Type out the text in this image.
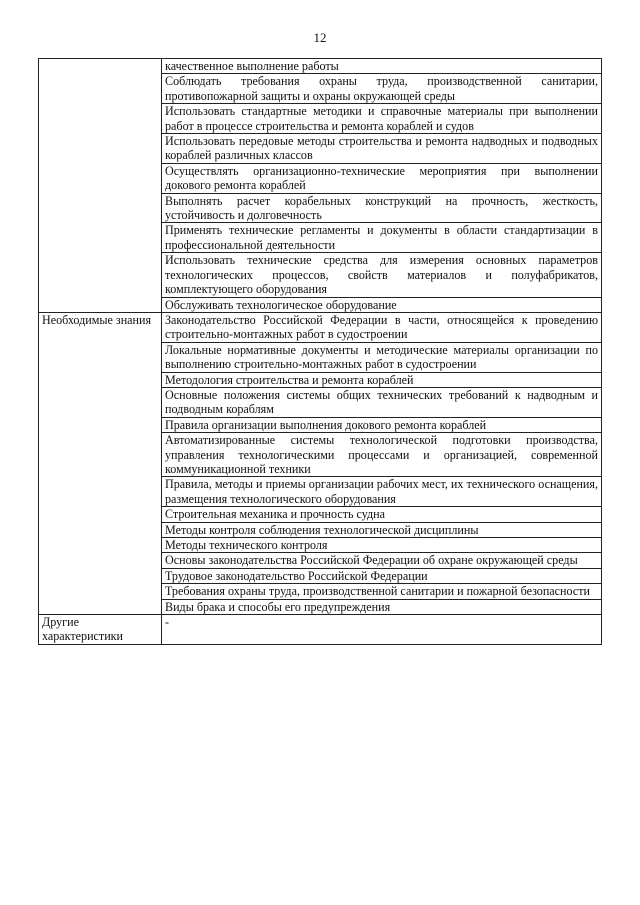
12
	качественное выполнение работы
	Соблюдать требования охраны труда, производственной санитарии, противопожарной защиты и охраны окружающей среды
	Использовать стандартные методики и справочные материалы при выполнении работ в процессе строительства и ремонта кораблей и судов
	Использовать передовые методы строительства и ремонта надводных и подводных кораблей различных классов
	Осуществлять организационно-технические мероприятия при выполнении докового ремонта кораблей
	Выполнять расчет корабельных конструкций на прочность, жесткость, устойчивость и долговечность
	Применять технические регламенты и документы в области стандартизации в профессиональной деятельности
	Использовать технические средства для измерения основных параметров технологических процессов, свойств материалов и полуфабрикатов, комплектующего оборудования
	Обслуживать технологическое оборудование
Необходимые знания	Законодательство Российской Федерации в части, относящейся к проведению строительно-монтажных работ в судостроении
	Локальные нормативные документы и методические материалы организации по выполнению строительно-монтажных работ в судостроении
	Методология строительства и ремонта кораблей
	Основные положения системы общих технических требований к надводным и подводным кораблям
	Правила организации выполнения докового ремонта кораблей
	Автоматизированные системы технологической подготовки производства, управления технологическими процессами и организацией, современной коммуникационной техники
	Правила, методы и приемы организации рабочих мест, их технического оснащения, размещения технологического оборудования
	Строительная механика и прочность судна
	Методы контроля соблюдения технологической дисциплины
	Методы технического контроля
	Основы законодательства Российской Федерации об охране окружающей среды
	Трудовое законодательство Российской Федерации
	Требования охраны труда, производственной санитарии и пожарной безопасности
	Виды брака и способы его предупреждения
Другие характеристики	-
